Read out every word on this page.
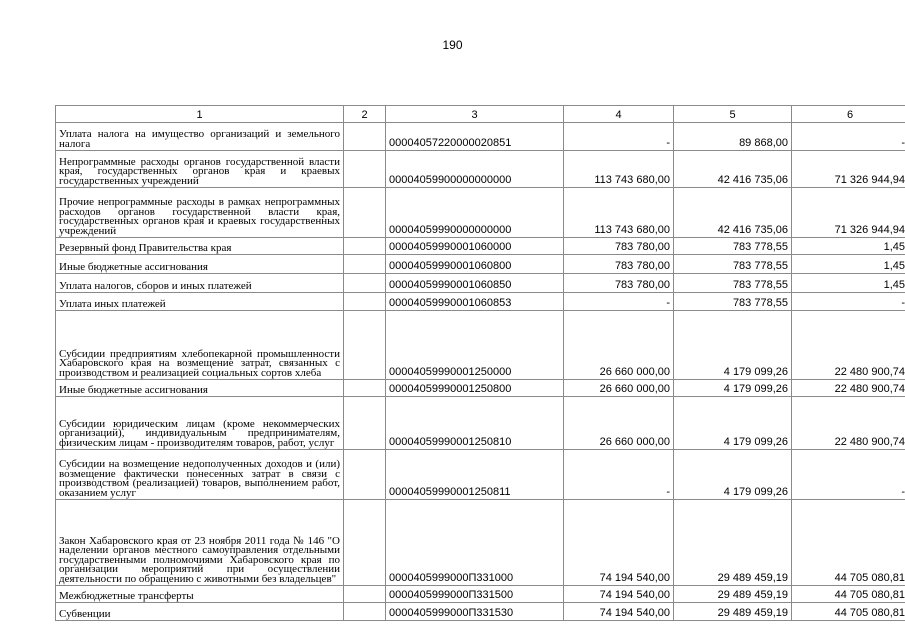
190
1	2	3	4	5	6
Уплата налога на имущество организаций и земельного налога		00004057220000020851	-	89 868,00	-
Непрограммные расходы органов государственной власти края, государственных органов края и краевых государственных учреждений		00004059900000000000	113 743 680,00	42 416 735,06	71 326 944,94
Прочие непрограммные расходы в рамках непрограммных расходов органов государственной власти края, государственных органов края и краевых государственных учреждений		00004059990000000000	113 743 680,00	42 416 735,06	71 326 944,94
Резервный фонд Правительства края		00004059990001060000	783 780,00	783 778,55	1,45
Иные бюджетные ассигнования		00004059990001060800	783 780,00	783 778,55	1,45
Уплата налогов, сборов и иных платежей		00004059990001060850	783 780,00	783 778,55	1,45
Уплата иных платежей		00004059990001060853	-	783 778,55	-
Субсидии предприятиям хлебопекарной промышленности Хабаровского края на возмещение затрат, связанных с производством и реализацией социальных сортов хлеба		00004059990001250000	26 660 000,00	4 179 099,26	22 480 900,74
Иные бюджетные ассигнования		00004059990001250800	26 660 000,00	4 179 099,26	22 480 900,74
Субсидии юридическим лицам (кроме некоммерческих организаций), индивидуальным предпринимателям, физическим лицам - производителям товаров, работ, услуг		00004059990001250810	26 660 000,00	4 179 099,26	22 480 900,74
Субсидии на возмещение недополученных доходов и (или) возмещение фактически понесенных затрат в связи с производством (реализацией) товаров, выполнением работ, оказанием услуг		00004059990001250811	-	4 179 099,26	-
Закон Хабаровского края от 23 ноября 2011 года № 146 "О наделении органов местного самоуправления отдельными государственными полномочиями Хабаровского края по организации мероприятий при осуществлении деятельности по обращению с животными без владельцев"		0000405999000П331000	74 194 540,00	29 489 459,19	44 705 080,81
Межбюджетные трансферты		0000405999000П331500	74 194 540,00	29 489 459,19	44 705 080,81
Субвенции		0000405999000П331530	74 194 540,00	29 489 459,19	44 705 080,81
